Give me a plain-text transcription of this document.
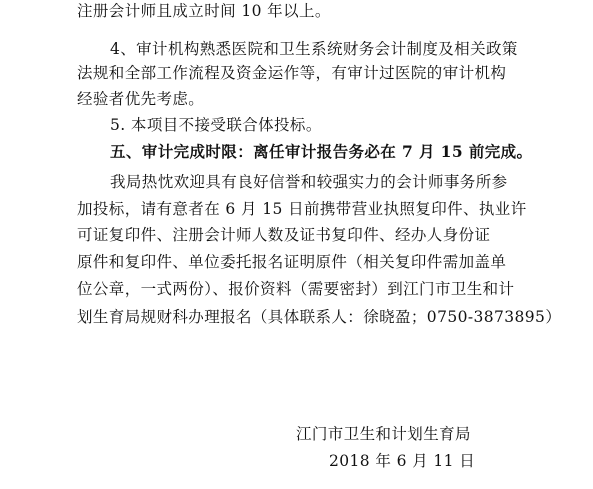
注册会计师且成立时间 10 年以上。
4、审计机构熟悉医院和卫生系统财务会计制度及相关政策
法规和全部工作流程及资金运作等，有审计过医院的审计机构
经验者优先考虑。
5. 本项目不接受联合体投标。
五、审计完成时限：离任审计报告务必在 7 月 15 前完成。
我局热忱欢迎具有良好信誉和较强实力的会计师事务所参
加投标，请有意者在 6 月 15 日前携带营业执照复印件、执业许
可证复印件、注册会计师人数及证书复印件、经办人身份证
原件和复印件、单位委托报名证明原件（相关复印件需加盖单
位公章，一式两份）、报价资料（需要密封）到江门市卫生和计
划生育局规财科办理报名（具体联系人：徐晓盈；0750-3873895）
江门市卫生和计划生育局
2018 年 6 月 11 日
